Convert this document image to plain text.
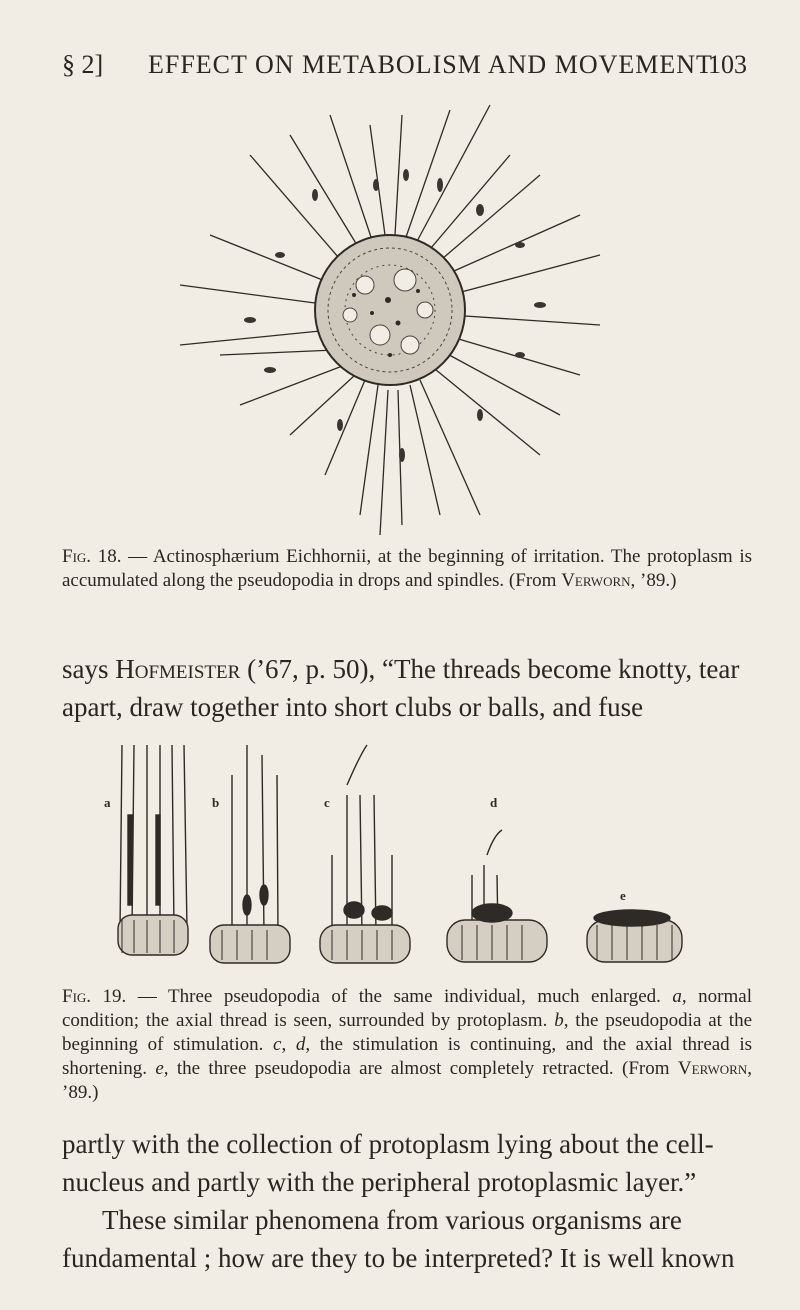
§ 2] EFFECT ON METABOLISM AND MOVEMENT
103
Fig. 18. — Actinosphærium Eichhornii, at the beginning of irritation. The protoplasm is accumulated along the pseudopodia in drops and spindles. (From Verworn, ’89.)

says Hofmeister (’67, p. 50), “The threads become knotty, tear apart, draw together into short clubs or balls, and fuse

a	b	c	d
e
Fig. 19. — Three pseudopodia of the same individual, much enlarged. a, normal condition; the axial thread is seen, surrounded by protoplasm. b, the pseudopodia at the beginning of stimulation. c, d, the stimulation is continuing, and the axial thread is shortening. e, the three pseudopodia are almost completely retracted. (From Verworn, ’89.)
partly with the collection of protoplasm lying about the cell-nucleus and partly with the peripheral protoplasmic layer.”
These similar phenomena from various organisms are fundamental ; how are they to be interpreted? It is well known
